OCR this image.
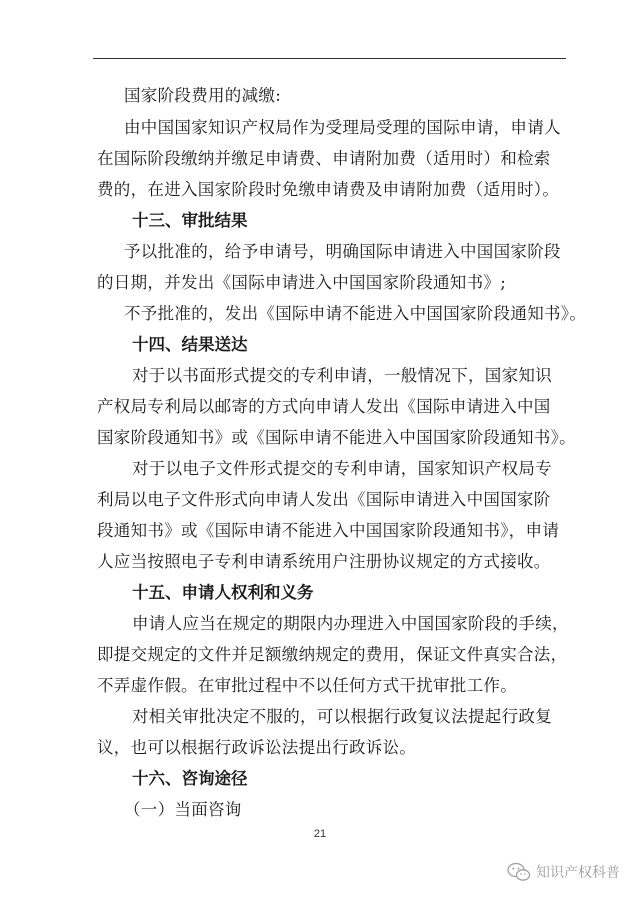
国家阶段费用的减缴:
由中国国家知识产权局作为受理局受理的国际申请，申请人
在国际阶段缴纳并缴足申请费、申请附加费（适用时）和检索
费的，在进入国家阶段时免缴申请费及申请附加费（适用时）。
十三、审批结果
予以批准的，给予申请号，明确国际申请进入中国国家阶段
的日期，并发出《国际申请进入中国国家阶段通知书》;
不予批准的，发出《国际申请不能进入中国国家阶段通知书》。
十四、结果送达
对于以书面形式提交的专利申请，一般情况下，国家知识
产权局专利局以邮寄的方式向申请人发出《国际申请进入中国
国家阶段通知书》或《国际申请不能进入中国国家阶段通知书》。
对于以电子文件形式提交的专利申请，国家知识产权局专
利局以电子文件形式向申请人发出《国际申请进入中国国家阶
段通知书》或《国际申请不能进入中国国家阶段通知书》，申请
人应当按照电子专利申请系统用户注册协议规定的方式接收。
十五、申请人权利和义务
申请人应当在规定的期限内办理进入中国国家阶段的手续，
即提交规定的文件并足额缴纳规定的费用，保证文件真实合法，
不弄虚作假。在审批过程中不以任何方式干扰审批工作。
对相关审批决定不服的，可以根据行政复议法提起行政复
议，也可以根据行政诉讼法提出行政诉讼。
十六、咨询途径
（一）当面咨询
21
知识产权科普
